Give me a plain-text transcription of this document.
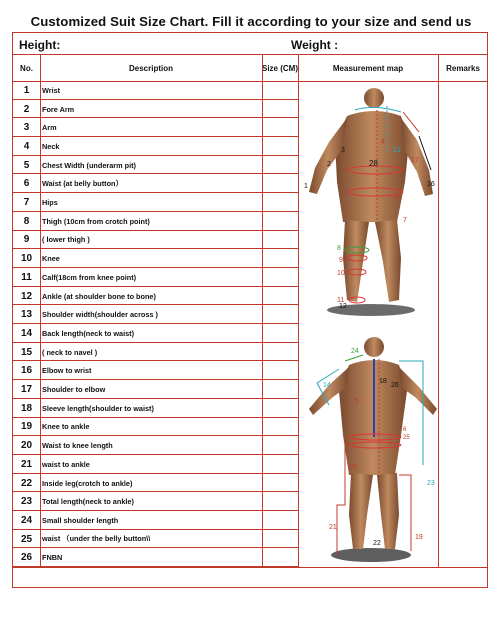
Customized Suit Size Chart. Fill it according to your size and send us
Height:	Weight :
No.	Description	Size (CM)	Measurement map	Remarks
1	Wrist
2	Fore Arm
3	Arm
4	Neck
5	Chest Width (underarm pit)
6	Waist (at belly button）
7	Hips
8	Thigh (10cm from crotch point)
9	( lower thigh )
10	Knee
11	Calf(18cm from knee point)
12	Ankle (at shoulder bone to bone)
13	Shoulder width(shoulder across )
14	Back length(neck to waist)
15	( neck to navel )
16	Elbow to wrist
17	Shoulder to elbow
18	Sleeve length(shoulder to waist)
19	Knee to ankle
20	Waist to knee length
21	waist to ankle
22	Inside leg(crotch to ankle)
23	Total length(neck to ankle)
24	Small shoulder length
25	waist （under the belly button\\
26	FNBN
1
2
3
4
28
13
17
16
6
7
8
9
10
11
12
24
14
18
26
5
6
25
20
23
21
22
19
